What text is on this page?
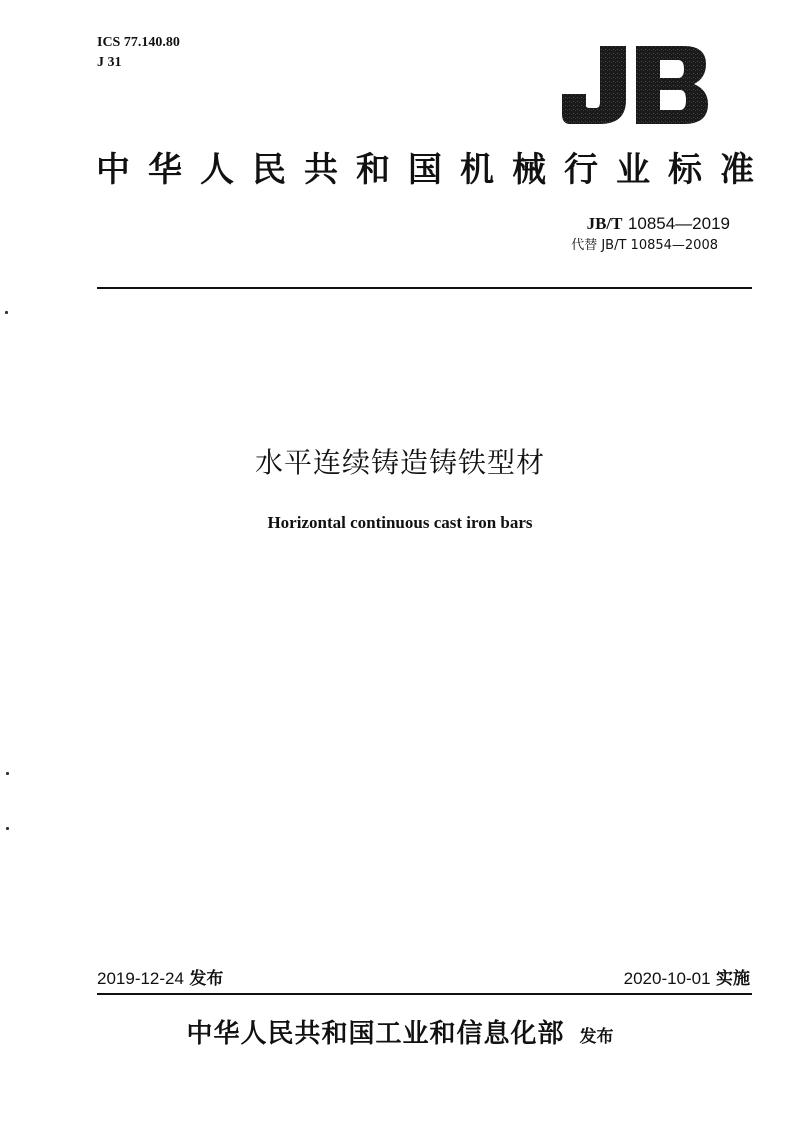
ICS 77.140.80
J 31
JB
中华人民共和国机械行业标准
JB/T 10854—2019
代替 JB/T 10854—2008
水平连续铸造铸铁型材
Horizontal continuous cast iron bars
2019-12-24 发布	2020-10-01 实施
中华人民共和国工业和信息化部 发布
